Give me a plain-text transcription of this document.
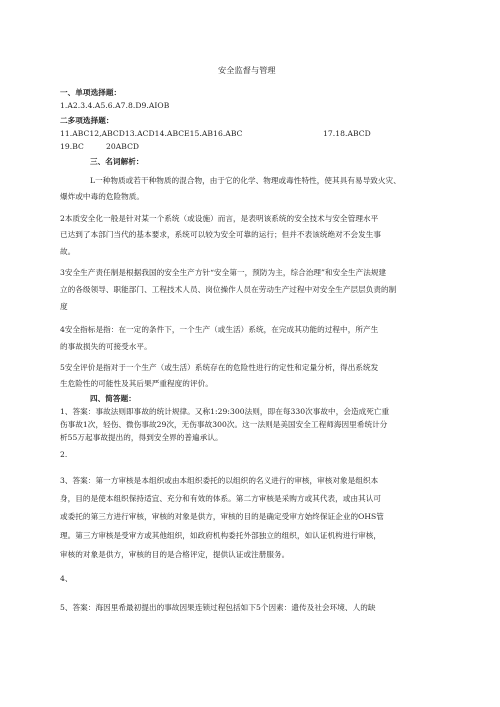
安全监督与管理
一、单项选择题：
1.A2.3.4.A5.6.A7.8.D9.AIOB
二多项选择题：
11.ABC12,ABCD13.ACD14.ABCE15.AB16.ABC	17.18.ABCD
19.BC	20ABCD
三、名词解析：
L一种物质或若干种物质的混合物，由于它的化学、物理或毒性特性，使其具有易导致火灾、
爆炸或中毒的危险物质。
2本质安全化一般是针对某一个系统（或设施）而言，是表明该系统的安全技术与安全管理水平
已达到了本部门当代的基本要求，系统可以较为安全可靠的运行；但并不表该统绝对不会发生事
故。
3安全生产责任制是根据我国的安全生产方针“安全第一，预防为主，综合治理”和安全生产法规建
立的各级领导、职能部门、工程技术人员、岗位操作人员在劳动生产过程中对安全生产层层负责的制
度
4安全指标是指：在一定的条件下，一个生产（或生活）系统，在完成其功能的过程中，所产生
的事故损失的可接受水平。
5安全评价是指对于一个生产（或生活）系统存在的危险性进行的定性和定量分析，得出系统发
生危险性的可能性及其后果严重程度的评价。
四、简答题：
1、答案：事故法则即事故的统计规律。又称1:29:300法则，即在每330次事故中，会造成死亡重
伤事故1次，轻伤、微伤事故29次，无伤事故300次。这一法则是美国安全工程师海因里希统计分
析55万起事故提出的，得到安全界的普遍承认。
2.
3、答案：第一方审核是本组织或由本组织委托的以组织的名义进行的审核，审核对象是组织本
身，目的是使本组织保持适宜、充分和有效的体系。第二方审核是采购方或其代表，或由其认可
或委托的第三方进行审核，审核的对象是供方，审核的目的是确定受审方始终保证企业的OHS管
理。第三方审核是受审方或其他组织，如政府机构委托外部独立的组织，如认证机构进行审核，
审核的对象是供方，审核的目的是合格评定，提供认证或注册服务。
4、
5、答案：海因里希最初提出的事故因果连锁过程包括如下5个因素：遗传及社会环境、人的缺
